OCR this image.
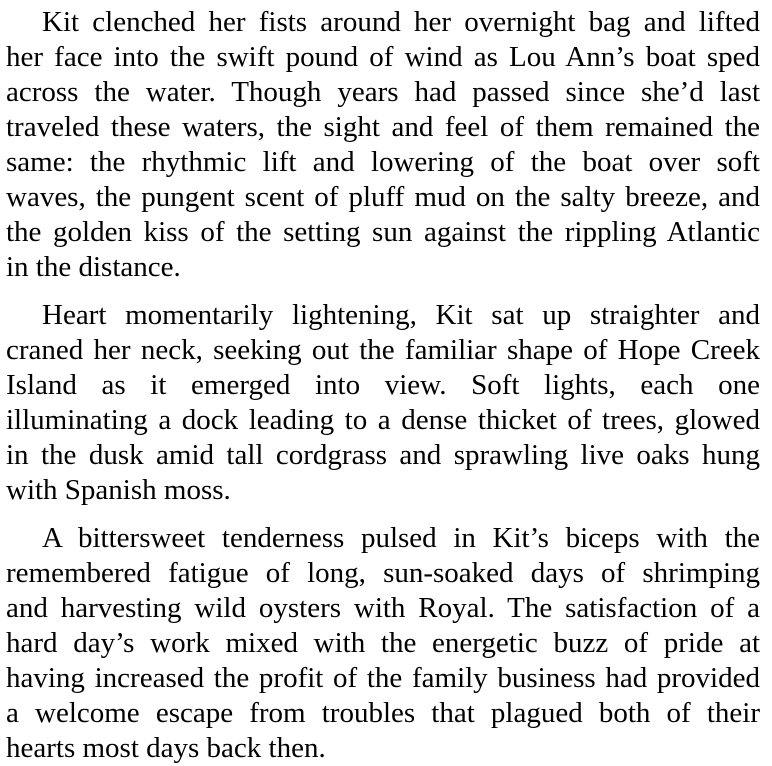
Kit clenched her fists around her overnight bag and lifted
her face into the swift pound of wind as Lou Ann’s boat sped
across the water. Though years had passed since she’d last
traveled these waters, the sight and feel of them remained the
same: the rhythmic lift and lowering of the boat over soft
waves, the pungent scent of pluff mud on the salty breeze, and
the golden kiss of the setting sun against the rippling Atlantic
in the distance.

Heart momentarily lightening, Kit sat up straighter and
craned her neck, seeking out the familiar shape of Hope Creek
Island as it emerged into view. Soft lights, each one
illuminating a dock leading to a dense thicket of trees, glowed
in the dusk amid tall cordgrass and sprawling live oaks hung
with Spanish moss.

A bittersweet tenderness pulsed in Kit’s biceps with the
remembered fatigue of long, sun-soaked days of shrimping
and harvesting wild oysters with Royal. The satisfaction of a
hard day’s work mixed with the energetic buzz of pride at
having increased the profit of the family business had provided
a welcome escape from troubles that plagued both of their
hearts most days back then.
